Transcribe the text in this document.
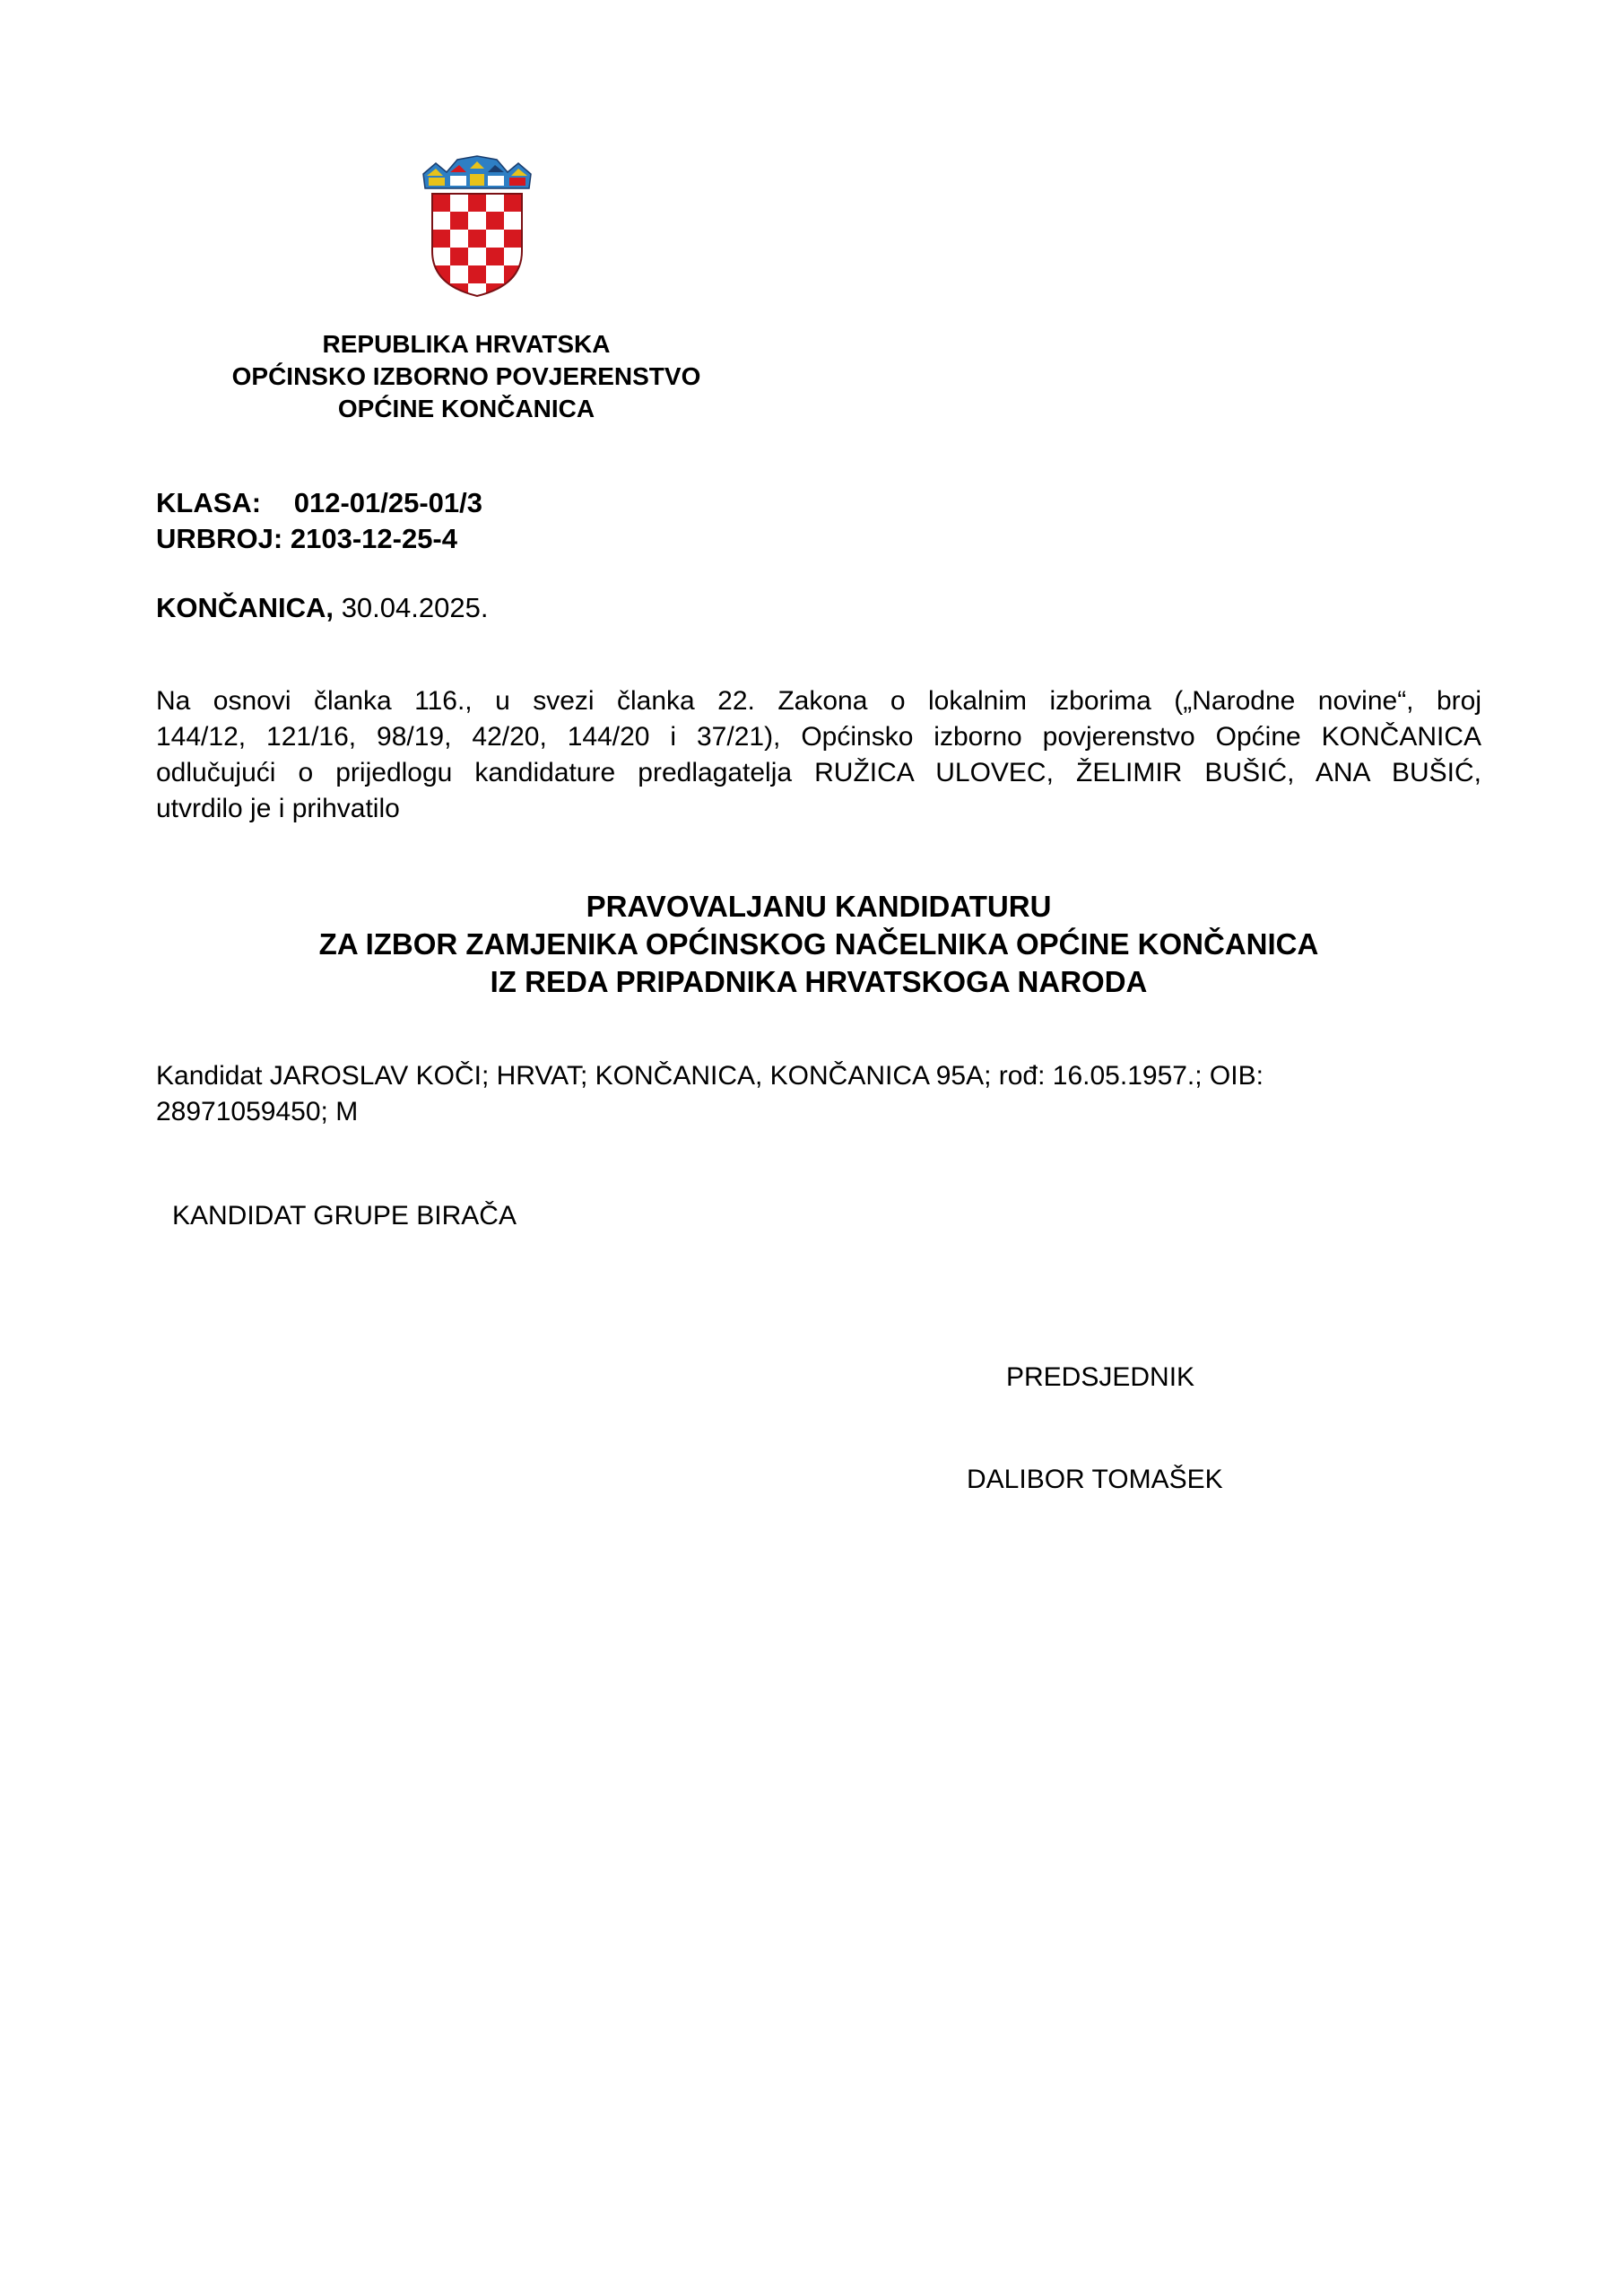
REPUBLIKA HRVATSKA
OPĆINSKO IZBORNO POVJERENSTVO
OPĆINE KONČANICA
KLASA: 012-01/25-01/3
URBROJ: 2103-12-25-4
KONČANICA, 30.04.2025.
Na osnovi članka 116., u svezi članka 22. Zakona o lokalnim izborima („Narodne novine“, broj
144/12, 121/16, 98/19, 42/20, 144/20 i 37/21), Općinsko izborno povjerenstvo Općine KONČANICA
odlučujući o prijedlogu kandidature predlagatelja RUŽICA ULOVEC, ŽELIMIR BUŠIĆ, ANA BUŠIĆ,
utvrdilo je i prihvatilo
PRAVOVALJANU KANDIDATURU
ZA IZBOR ZAMJENIKA OPĆINSKOG NAČELNIKA OPĆINE KONČANICA
IZ REDA PRIPADNIKA HRVATSKOGA NARODA
Kandidat JAROSLAV KOČI; HRVAT; KONČANICA, KONČANICA 95A; rođ: 16.05.1957.; OIB:
28971059450; M
KANDIDAT GRUPE BIRAČA
PREDSJEDNIK
DALIBOR TOMAŠEK
